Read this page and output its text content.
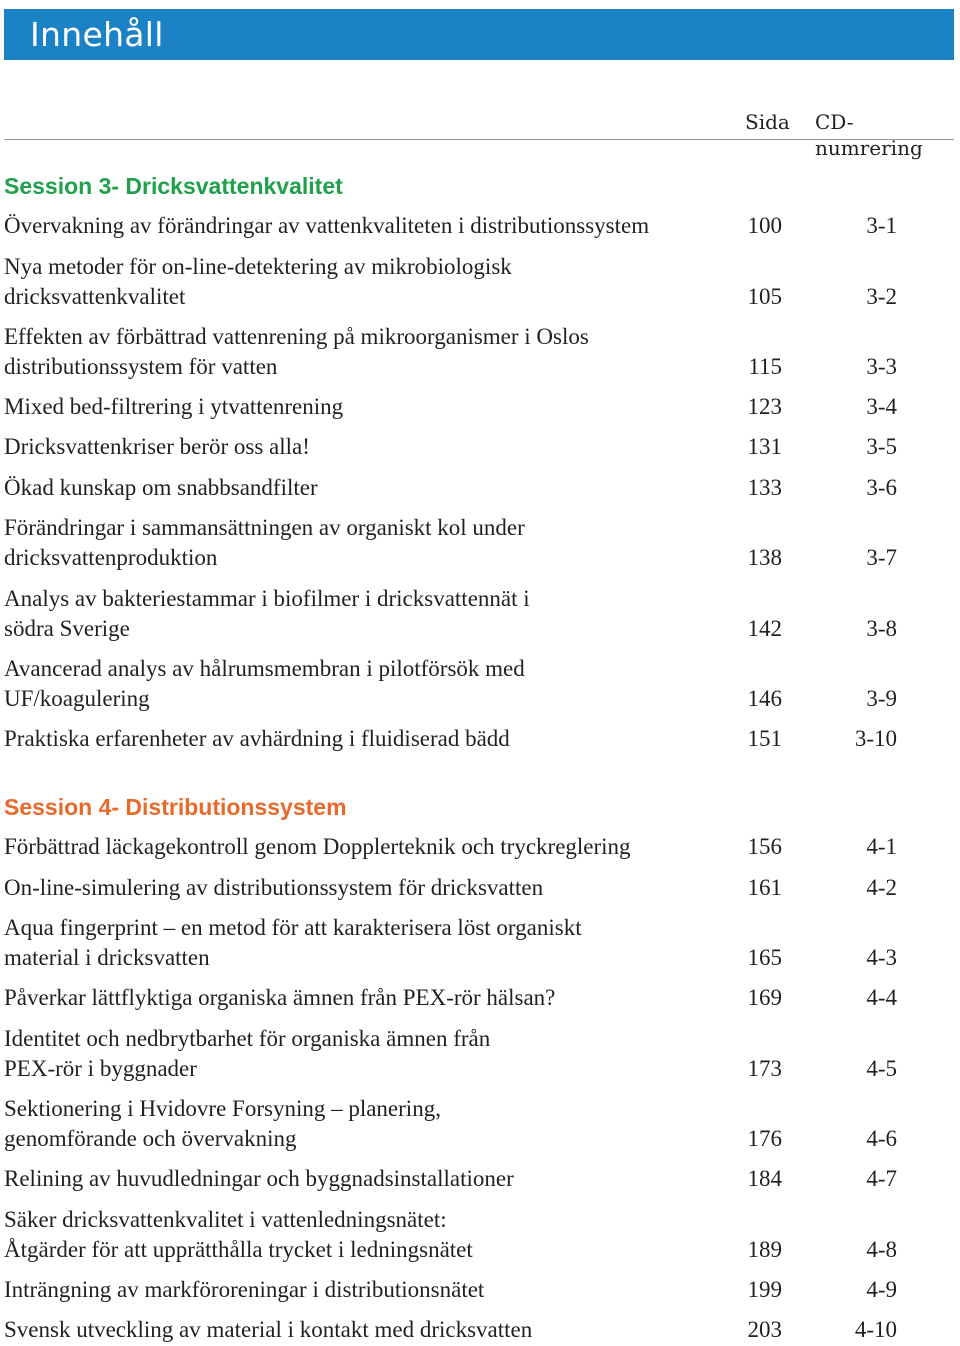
Innehåll
Sida CD-numrering
Session 3- Dricksvattenkvalitet
Övervakning av förändringar av vattenkvaliteten i distributionssystem	100	3-1
Nya metoder för on-line-detektering av mikrobiologisk
dricksvattenkvalitet	105	3-2
Effekten av förbättrad vattenrening på mikroorganismer i Oslos
distributionssystem för vatten	115	3-3
Mixed bed-filtrering i ytvattenrening	123	3-4
Dricksvattenkriser berör oss alla!	131	3-5
Ökad kunskap om snabbsandfilter	133	3-6
Förändringar i sammansättningen av organiskt kol under
dricksvattenproduktion	138	3-7
Analys av bakteriestammar i biofilmer i dricksvattennät i
södra Sverige	142	3-8
Avancerad analys av hålrumsmembran i pilotförsök med
UF/koagulering	146	3-9
Praktiska erfarenheter av avhärdning i fluidiserad bädd	151	3-10
Session 4- Distributionssystem
Förbättrad läckagekontroll genom Dopplerteknik och tryckreglering	156	4-1
On-line-simulering av distributionssystem för dricksvatten	161	4-2
Aqua fingerprint – en metod för att karakterisera löst organiskt
material i dricksvatten	165	4-3
Påverkar lättflyktiga organiska ämnen från PEX-rör hälsan?	169	4-4
Identitet och nedbrytbarhet för organiska ämnen från
PEX-rör i byggnader	173	4-5
Sektionering i Hvidovre Forsyning – planering,
genomförande och övervakning	176	4-6
Relining av huvudledningar och byggnadsinstallationer	184	4-7
Säker dricksvattenkvalitet i vattenledningsnätet:
Åtgärder för att upprätthålla trycket i ledningsnätet	189	4-8
Inträngning av markföroreningar i distributionsnätet	199	4-9
Svensk utveckling av material i kontakt med dricksvatten	203	4-10
